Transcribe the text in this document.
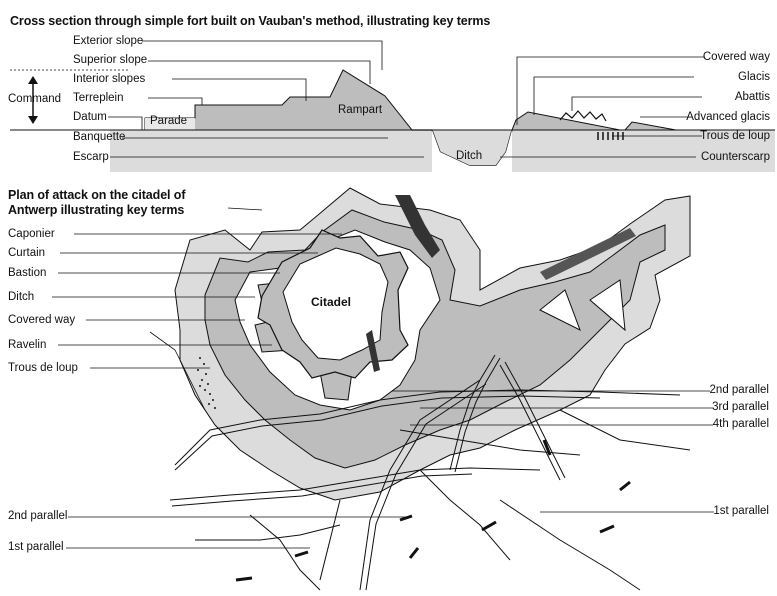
Cross section through simple fort built on Vauban's method, illustrating key terms
Exterior slope
Superior slope
Interior slopes
Terreplein
Datum
Banquette
Escarp
Command
Parade
Rampart
Ditch
Covered way
Glacis
Abattis
Advanced glacis
Trous de loup
Counterscarp
Plan of attack on the citadel of
Antwerp illustrating key terms
Caponier
Curtain
Bastion
Ditch
Covered way
Ravelin
Trous de loup
Citadel
2nd parallel
3rd parallel
4th parallel
1st parallel
2nd parallel
1st parallel
